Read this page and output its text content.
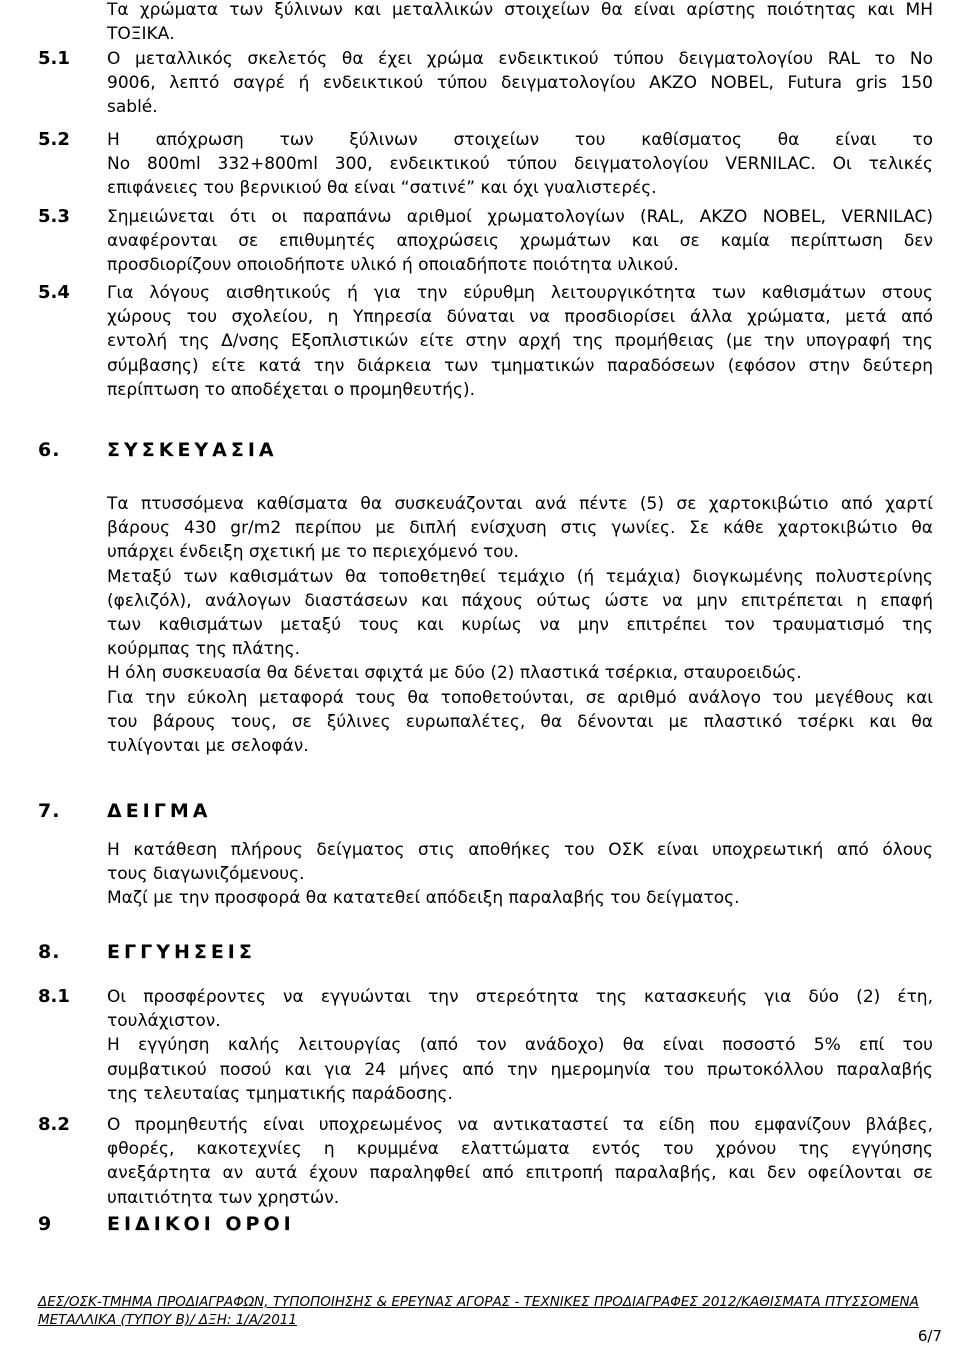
Τα χρώματα των ξύλινων και μεταλλικών στοιχείων θα είναι αρίστης ποιότητας και ΜΗ
ΤΟΞΙΚΑ.
5.1 Ο μεταλλικός σκελετός θα έχει χρώμα ενδεικτικού τύπου δειγματολογίου RAL το Νο
9006, λεπτό σαγρέ ή ενδεικτικού τύπου δειγματολογίου AKZO NOBEL, Futura gris 150
sablé.
5.2 Η απόχρωση των ξύλινων στοιχείων του καθίσματος θα είναι το
Νο 800ml 332+800ml 300, ενδεικτικού τύπου δειγματολογίου VERNILAC. Οι τελικές
επιφάνειες του βερνικιού θα είναι “σατινέ” και όχι γυαλιστερές.
5.3 Σημειώνεται ότι οι παραπάνω αριθμοί χρωματολογίων (RAL, AKZO NOBEL, VERNILAC)
αναφέρονται σε επιθυμητές αποχρώσεις χρωμάτων και σε καμία περίπτωση δεν
προσδιορίζουν οποιοδήποτε υλικό ή οποιαδήποτε ποιότητα υλικού.
5.4 Για λόγους αισθητικούς ή για την εύρυθμη λειτουργικότητα των καθισμάτων στους
χώρους του σχολείου, η Υπηρεσία δύναται να προσδιορίσει άλλα χρώματα, μετά από
εντολή της Δ/νσης Εξοπλιστικών είτε στην αρχή της προμήθειας (με την υπογραφή της
σύμβασης) είτε κατά την διάρκεια των τμηματικών παραδόσεων (εφόσον στην δεύτερη
περίπτωση το αποδέχεται ο προμηθευτής).
6. ΣΥΣΚΕΥΑΣΙΑ
Τα πτυσσόμενα καθίσματα θα συσκευάζονται ανά πέντε (5) σε χαρτοκιβώτιο από χαρτί
βάρους 430 gr/m2 περίπου με διπλή ενίσχυση στις γωνίες. Σε κάθε χαρτοκιβώτιο θα
υπάρχει ένδειξη σχετική με το περιεχόμενό του.
Μεταξύ των καθισμάτων θα τοποθετηθεί τεμάχιο (ή τεμάχια) διογκωμένης πολυστερίνης
(φελιζόλ), ανάλογων διαστάσεων και πάχους ούτως ώστε να μην επιτρέπεται η επαφή
των καθισμάτων μεταξύ τους και κυρίως να μην επιτρέπει τον τραυματισμό της
κούρμπας της πλάτης.
Η όλη συσκευασία θα δένεται σφιχτά με δύο (2) πλαστικά τσέρκια, σταυροειδώς.
Για την εύκολη μεταφορά τους θα τοποθετούνται, σε αριθμό ανάλογο του μεγέθους και
του βάρους τους, σε ξύλινες ευρωπαλέτες, θα δένονται με πλαστικό τσέρκι και θα
τυλίγονται με σελοφάν.
7. ΔΕΙΓΜΑ
Η κατάθεση πλήρους δείγματος στις αποθήκες του ΟΣΚ είναι υποχρεωτική από όλους
τους διαγωνιζόμενους.
Μαζί με την προσφορά θα κατατεθεί απόδειξη παραλαβής του δείγματος.
8. ΕΓΓΥΗΣΕΙΣ
8.1 Οι προσφέροντες να εγγυώνται την στερεότητα της κατασκευής για δύο (2) έτη,
τουλάχιστον.
Η εγγύηση καλής λειτουργίας (από τον ανάδοχο) θα είναι ποσοστό 5% επί του
συμβατικού ποσού και για 24 μήνες από την ημερομηνία του πρωτοκόλλου παραλαβής
της τελευταίας τμηματικής παράδοσης.
8.2 Ο προμηθευτής είναι υποχρεωμένος να αντικαταστεί τα είδη που εμφανίζουν βλάβες,
φθορές, κακοτεχνίες η κρυμμένα ελαττώματα εντός του χρόνου της εγγύησης
ανεξάρτητα αν αυτά έχουν παραληφθεί από επιτροπή παραλαβής, και δεν οφείλονται σε
υπαιτιότητα των χρηστών.
9	ΕΙΔΙΚΟΙ ΟΡΟΙ
ΔΕΣ/ΟΣΚ-ΤΜΗΜΑ ΠΡΟΔΙΑΓΡΑΦΩΝ, ΤΥΠΟΠΟΙΗΣΗΣ & ΕΡΕΥΝΑΣ ΑΓΟΡΑΣ - ΤΕΧΝΙΚΕΣ ΠΡΟΔΙΑΓΡΑΦΕΣ 2012/ΚΑΘΙΣΜΑΤΑ ΠΤΥΣΣΟΜΕΝΑ
ΜΕΤΑΛΛΙΚΑ (ΤΥΠΟΥ Β)/ ΔΞΗ: 1/Α/2011
6/7
